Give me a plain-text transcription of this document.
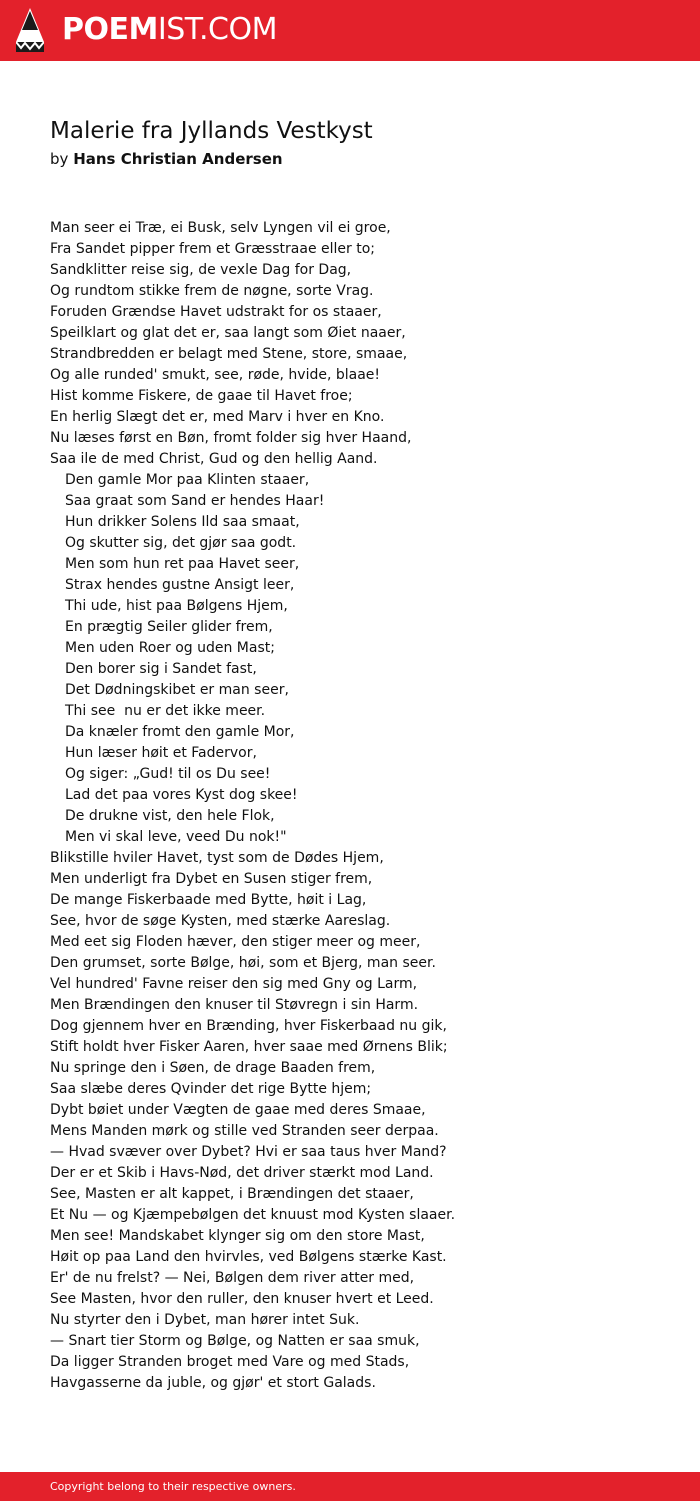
POEMIST.COM
Malerie fra Jyllands Vestkyst
by Hans Christian Andersen
Man seer ei Træ, ei Busk, selv Lyngen vil ei groe,
Fra Sandet pipper frem et Græsstraae eller to;
Sandklitter reise sig, de vexle Dag for Dag,
Og rundtom stikke frem de nøgne, sorte Vrag.
Foruden Grændse Havet udstrakt for os staaer,
Speilklart og glat det er, saa langt som Øiet naaer,
Strandbredden er belagt med Stene, store, smaae,
Og alle runded' smukt, see, røde, hvide, blaae!
Hist komme Fiskere, de gaae til Havet froe;
En herlig Slægt det er, med Marv i hver en Kno.
Nu læses først en Bøn, fromt folder sig hver Haand,
Saa ile de med Christ, Gud og den hellig Aand.
Den gamle Mor paa Klinten staaer,
Saa graat som Sand er hendes Haar!
Hun drikker Solens Ild saa smaat,
Og skutter sig, det gjør saa godt.
Men som hun ret paa Havet seer,
Strax hendes gustne Ansigt leer,
Thi ude, hist paa Bølgens Hjem,
En prægtig Seiler glider frem,
Men uden Roer og uden Mast;
Den borer sig i Sandet fast,
Det Dødningskibet er man seer,
Thi see  nu er det ikke meer.
Da knæler fromt den gamle Mor,
Hun læser høit et Fadervor,
Og siger: „Gud! til os Du see!
Lad det paa vores Kyst dog skee!
De drukne vist, den hele Flok,
Men vi skal leve, veed Du nok!"
Blikstille hviler Havet, tyst som de Dødes Hjem,
Men underligt fra Dybet en Susen stiger frem,
De mange Fiskerbaade med Bytte, høit i Lag,
See, hvor de søge Kysten, med stærke Aareslag.
Med eet sig Floden hæver, den stiger meer og meer,
Den grumset, sorte Bølge, høi, som et Bjerg, man seer.
Vel hundred' Favne reiser den sig med Gny og Larm,
Men Brændingen den knuser til Støvregn i sin Harm.
Dog gjennem hver en Brænding, hver Fiskerbaad nu gik,
Stift holdt hver Fisker Aaren, hver saae med Ørnens Blik;
Nu springe den i Søen, de drage Baaden frem,
Saa slæbe deres Qvinder det rige Bytte hjem;
Dybt bøiet under Vægten de gaae med deres Smaae,
Mens Manden mørk og stille ved Stranden seer derpaa.
— Hvad svæver over Dybet? Hvi er saa taus hver Mand?
Der er et Skib i Havs-Nød, det driver stærkt mod Land.
See, Masten er alt kappet, i Brændingen det staaer,
Et Nu — og Kjæmpebølgen det knuust mod Kysten slaaer.
Men see! Mandskabet klynger sig om den store Mast,
Høit op paa Land den hvirvles, ved Bølgens stærke Kast.
Er' de nu frelst? — Nei, Bølgen dem river atter med,
See Masten, hvor den ruller, den knuser hvert et Leed.
Nu styrter den i Dybet, man hører intet Suk.
— Snart tier Storm og Bølge, og Natten er saa smuk,
Da ligger Stranden broget med Vare og med Stads,
Havgasserne da juble, og gjør' et stort Galads.
Copyright belong to their respective owners.
